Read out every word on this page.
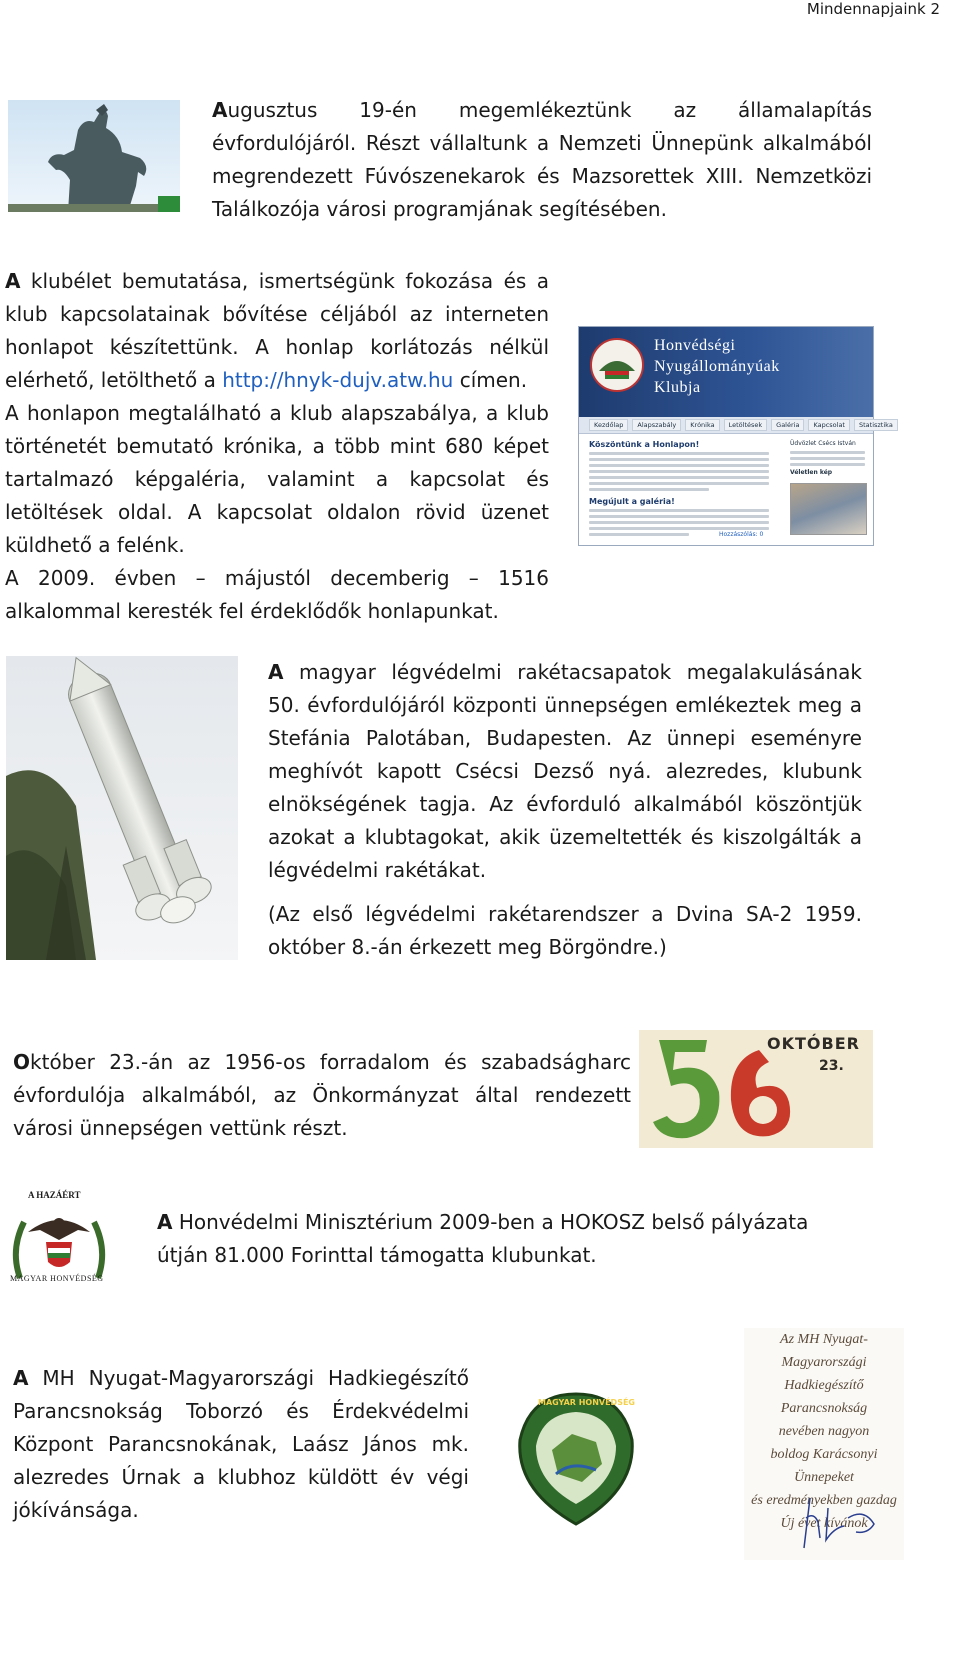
Mindennapjaink 2
Augusztus 19-én megemlékeztünk az államalapítás évfordulójáról. Részt vállaltunk a Nemzeti Ünnepünk alkalmából megrendezett Fúvószenekarok és Mazsorettek XIII. Nemzetközi Találkozója városi programjának segítésében.
A klubélet bemutatása, ismertségünk fokozása és a klub kapcsolatainak bővítése céljából az interneten honlapot készítettünk. A honlap korlátozás nélkül elérhető, letölthető a http://hnyk-dujv.atw.hu címen.
A honlapon megtalálható a klub alapszabálya, a klub történetét bemutató krónika, a több mint 680 képet tartalmazó képgaléria, valamint a kapcsolat és letöltések oldal. A kapcsolat oldalon rövid üzenet küldhető a felénk.
A 2009. évben – májustól decemberig – 1516 alkalommal keresték fel érdeklődők honlapunkat.
Honvédségi
Nyugállományúak
Klubja
Kezdőlap	Alapszabály	Krónika	Letöltések	Galéria	Kapcsolat	Statisztika
Köszöntünk a Honlapon!
Megújult a galéria!
Hozzászólás: 0
Üdvözlet Csécs István
Véletlen kép
A magyar légvédelmi rakétacsapatok megalakulásának 50. évfordulójáról központi ünnepségen emlékeztek meg a Stefánia Palotában, Budapesten. Az ünnepi eseményre meghívót kapott Csécsi Dezső nyá. alezredes, klubunk elnökségének tagja. Az évforduló alkalmából köszöntjük azokat a klubtagokat, akik üzemeltették és kiszolgálták a légvédelmi rakétákat.
(Az első légvédelmi rakétarendszer a Dvina SA-2 1959. október 8.-án érkezett meg Börgöndre.)
Október 23.-án az 1956-os forradalom és szabadságharc évfordulója alkalmából, az Önkormányzat által rendezett városi ünnepségen vettünk részt.
OKTÓBER
23.
A HAZÁÉRT
MAGYAR HONVÉDSÉG
A Honvédelmi Minisztérium 2009-ben a HOKOSZ belső pályázata útján 81.000 Forinttal támogatta klubunkat.
A MH Nyugat-Magyarországi Hadkiegészítő Parancsnokság Toborzó és Érdekvédelmi Központ Parancsnokának, Laász János mk. alezredes Úrnak a klubhoz küldött év végi jókívánsága.
MAGYAR HONVÉDSÉG
Az MH Nyugat-Magyarországi
Hadkiegészítő Parancsnokság
nevében nagyon
boldog Karácsonyi Ünnepeket
és eredményekben gazdag
Új évet kívánok
